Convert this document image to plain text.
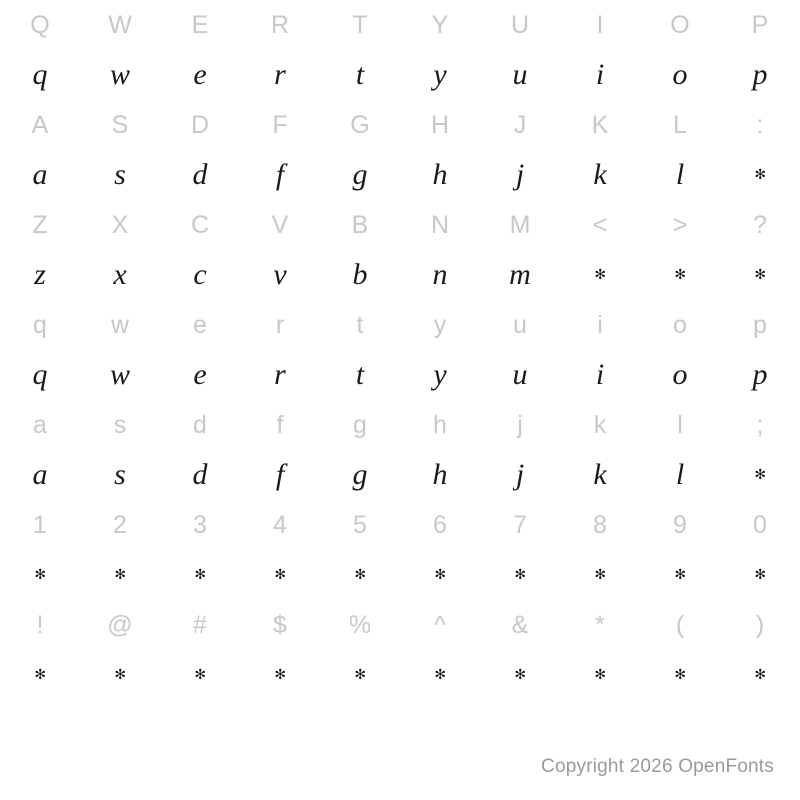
Q	W	E	R	T	Y	U	I	O	P
q	w	e	r	t	y	u	i	o	p
A	S	D	F	G	H	J	K	L	:
a	s	d	f	g	h	j	k	l	✻
Z	X	C	V	B	N	M	<	>	?
z	x	c	v	b	n	m	✻	✻	✻
q	w	e	r	t	y	u	i	o	p
q	w	e	r	t	y	u	i	o	p
a	s	d	f	g	h	j	k	l	;
a	s	d	f	g	h	j	k	l	✻
1	2	3	4	5	6	7	8	9	0
✻	✻	✻	✻	✻	✻	✻	✻	✻	✻
!	@	#	$	%	^	&	*	(	)
✻	✻	✻	✻	✻	✻	✻	✻	✻	✻
Copyright 2026 OpenFonts
